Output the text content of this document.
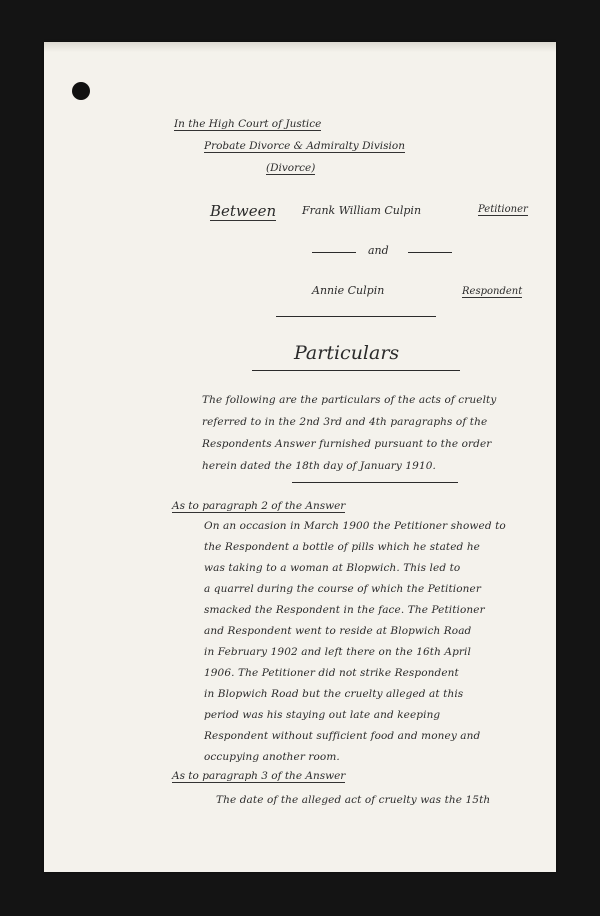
In the High Court of Justice
Probate Divorce & Admiralty Division
(Divorce)
Between Frank William Culpin	Petitioner
and
Annie Culpin	Respondent
Particulars
The following are the particulars of the acts of cruelty
referred to in the 2nd 3rd and 4th paragraphs of the
Respondents Answer furnished pursuant to the order
herein dated the 18th day of January 1910.
As to paragraph 2 of the Answer
On an occasion in March 1900 the Petitioner showed to
the Respondent a bottle of pills which he stated he
was taking to a woman at Blopwich. This led to
a quarrel during the course of which the Petitioner
smacked the Respondent in the face. The Petitioner
and Respondent went to reside at Blopwich Road
in February 1902 and left there on the 16th April
1906. The Petitioner did not strike Respondent
in Blopwich Road but the cruelty alleged at this
period was his staying out late and keeping
Respondent without sufficient food and money and
occupying another room.
As to paragraph 3 of the Answer
The date of the alleged act of cruelty was the 15th
